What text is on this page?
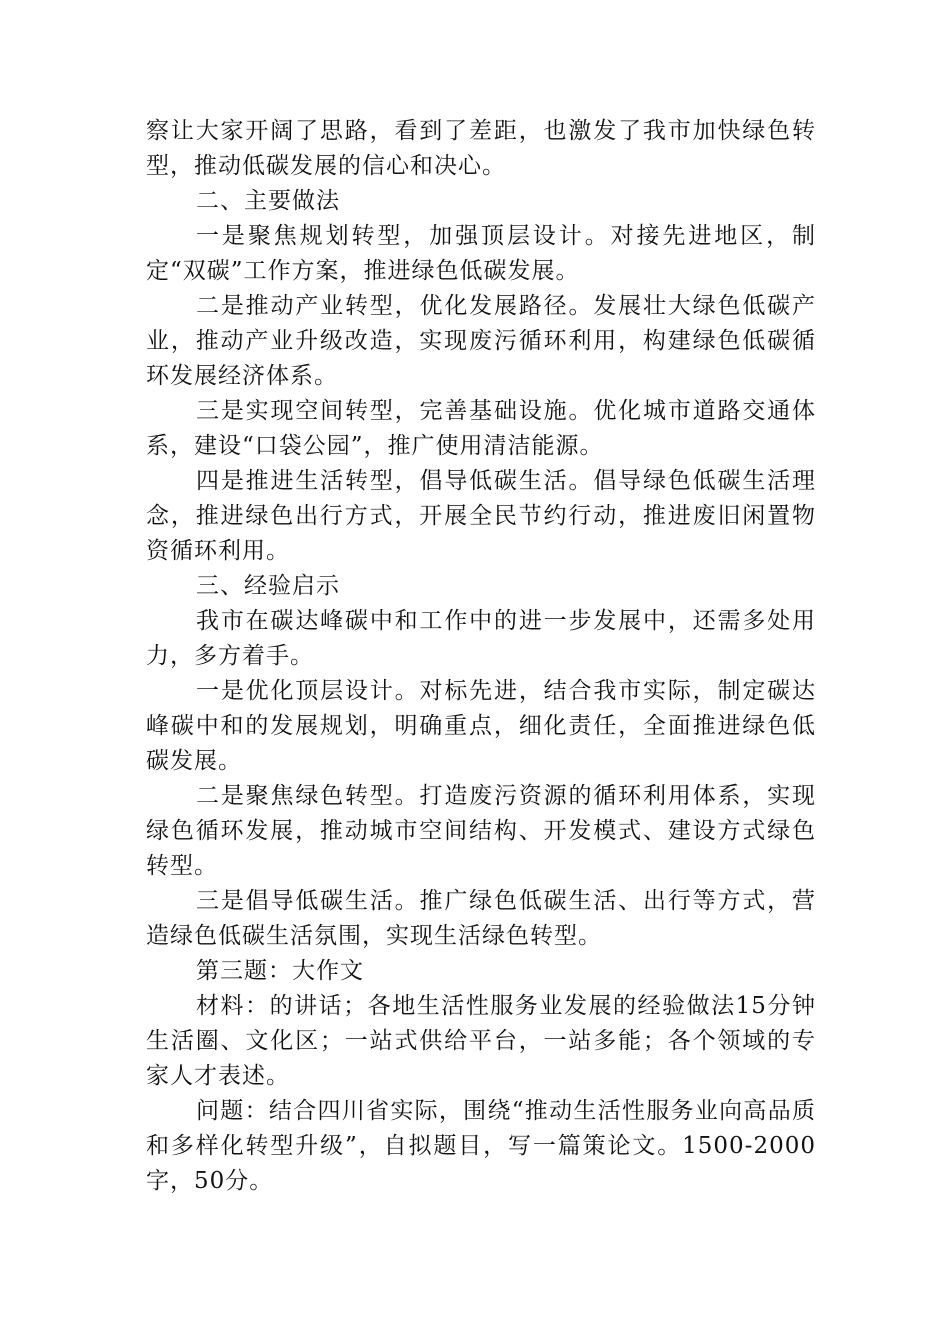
察让大家开阔了思路，看到了差距，也激发了我市加快绿色转型，推动低碳发展的信心和决心。

二、主要做法

一是聚焦规划转型，加强顶层设计。对接先进地区，制定“双碳”工作方案，推进绿色低碳发展。

二是推动产业转型，优化发展路径。发展壮大绿色低碳产业，推动产业升级改造，实现废污循环利用，构建绿色低碳循环发展经济体系。

三是实现空间转型，完善基础设施。优化城市道路交通体系，建设“口袋公园”，推广使用清洁能源。

四是推进生活转型，倡导低碳生活。倡导绿色低碳生活理念，推进绿色出行方式，开展全民节约行动，推进废旧闲置物资循环利用。

三、经验启示

我市在碳达峰碳中和工作中的进一步发展中，还需多处用力，多方着手。

一是优化顶层设计。对标先进，结合我市实际，制定碳达峰碳中和的发展规划，明确重点，细化责任，全面推进绿色低碳发展。

二是聚焦绿色转型。打造废污资源的循环利用体系，实现绿色循环发展，推动城市空间结构、开发模式、建设方式绿色转型。

三是倡导低碳生活。推广绿色低碳生活、出行等方式，营造绿色低碳生活氛围，实现生活绿色转型。

第三题：大作文

材料：的讲话；各地生活性服务业发展的经验做法15分钟生活圈、文化区；一站式供给平台，一站多能；各个领域的专家人才表述。

问题：结合四川省实际，围绕“推动生活性服务业向高品质和多样化转型升级”，自拟题目，写一篇策论文。1500-2000字，50分。
